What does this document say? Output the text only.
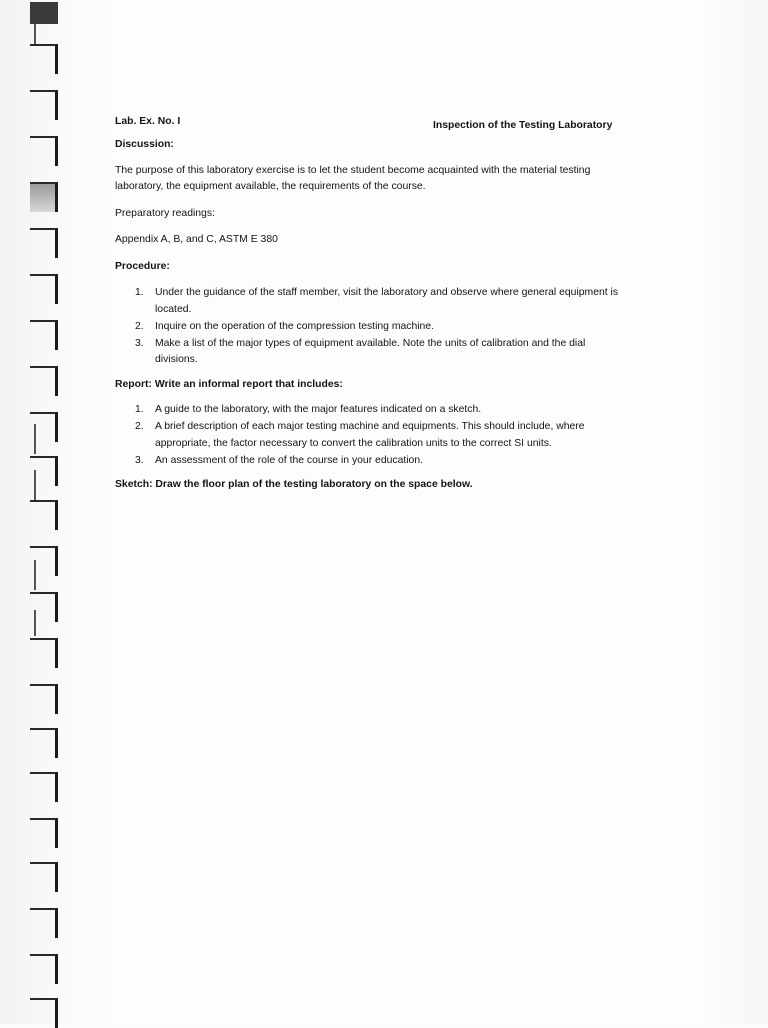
Lab. Ex. No. I	Inspection of the Testing Laboratory

Discussion:

The purpose of this laboratory exercise is to let the student become acquainted with the material testing laboratory, the equipment available, the requirements of the course.

Preparatory readings:

Appendix A, B, and C, ASTM E 380

Procedure:

1. Under the guidance of the staff member, visit the laboratory and observe where general equipment is located.
2. Inquire on the operation of the compression testing machine.
3. Make a list of the major types of equipment available. Note the units of calibration and the dial divisions.

Report: Write an informal report that includes:

1. A guide to the laboratory, with the major features indicated on a sketch.
2. A brief description of each major testing machine and equipments. This should include, where appropriate, the factor necessary to convert the calibration units to the correct SI units.
3. An assessment of the role of the course in your education.

Sketch: Draw the floor plan of the testing laboratory on the space below.
